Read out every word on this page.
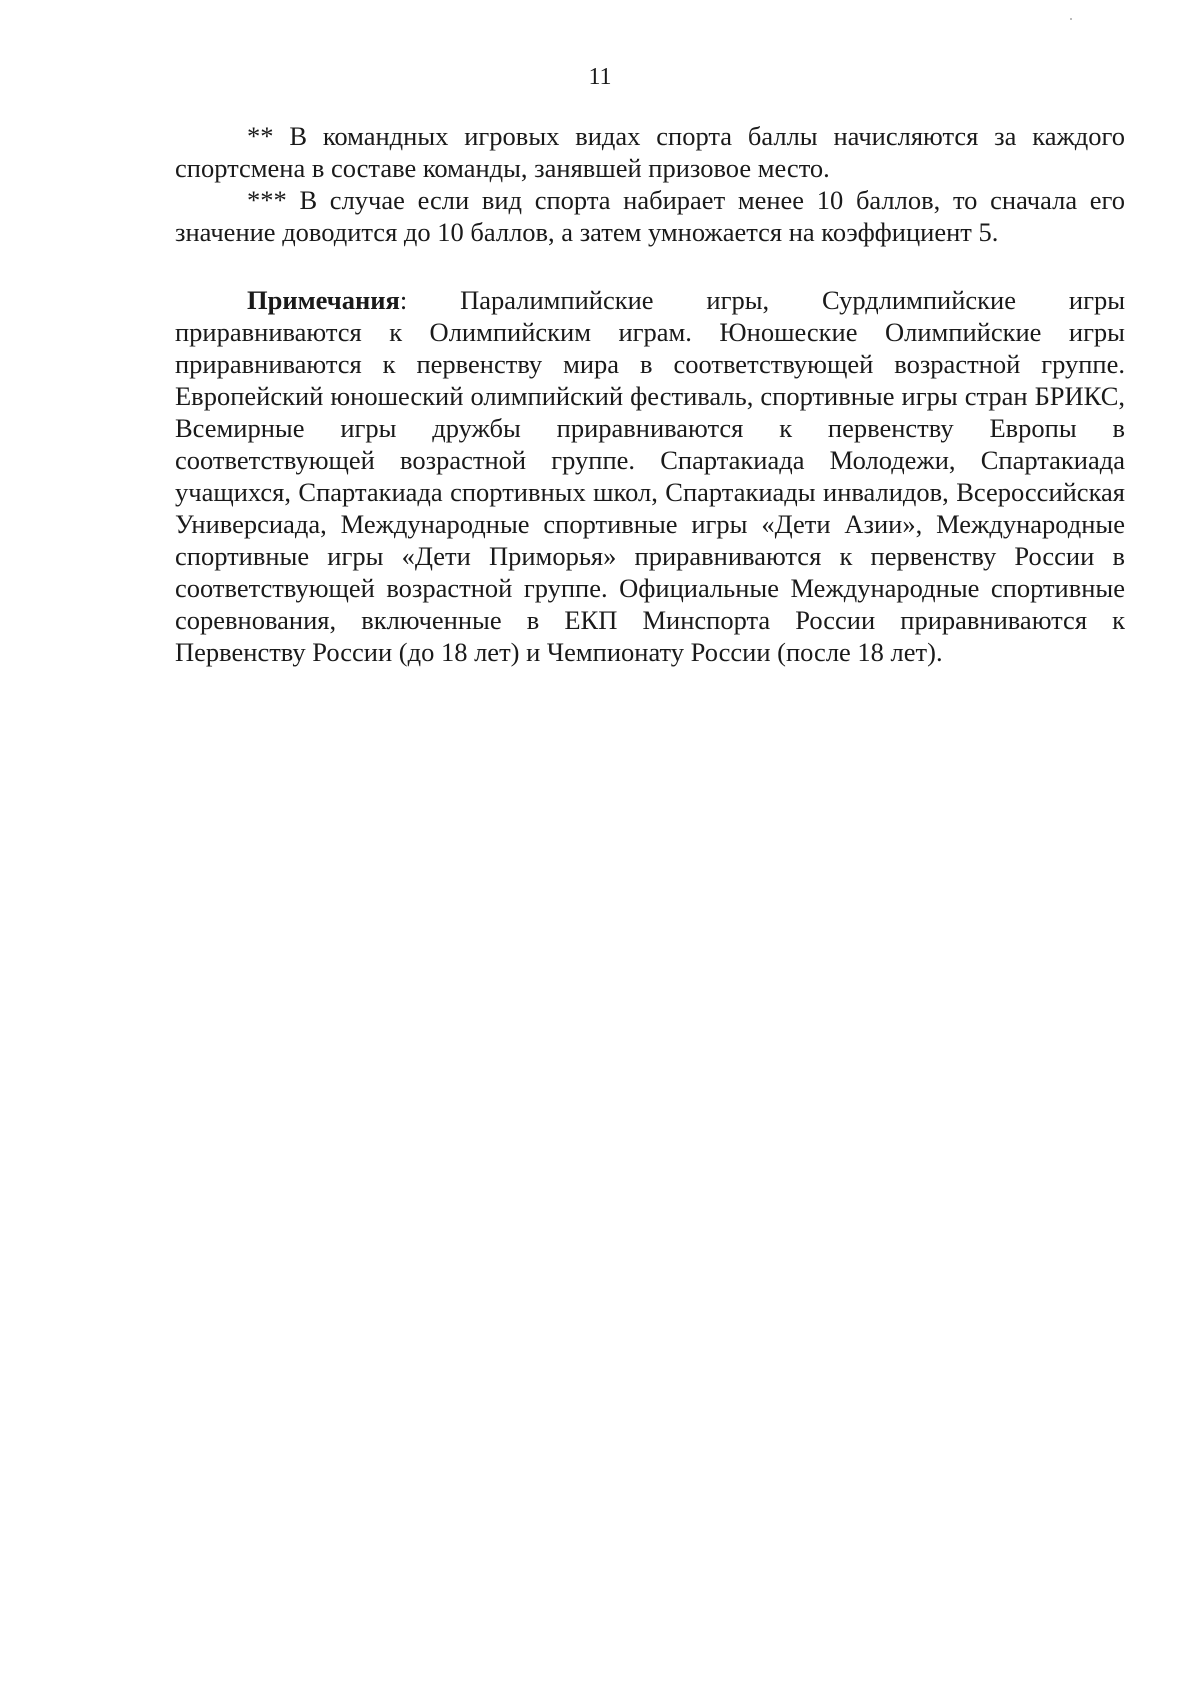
11

** В командных игровых видах спорта баллы начисляются за каждого спортсмена в составе команды, занявшей призовое место.

*** В случае если вид спорта набирает менее 10 баллов, то сначала его значение доводится до 10 баллов, а затем умножается на коэффициент 5.

Примечания: Паралимпийские игры, Сурдлимпийские игры приравниваются к Олимпийским играм. Юношеские Олимпийские игры приравниваются к первенству мира в соответствующей возрастной группе. Европейский юношеский олимпийский фестиваль, спортивные игры стран БРИКС, Всемирные игры дружбы приравниваются к первенству Европы в соответствующей возрастной группе. Спартакиада Молодежи, Спартакиада учащихся, Спартакиада спортивных школ, Спартакиады инвалидов, Всероссийская Универсиада, Международные спортивные игры «Дети Азии», Международные спортивные игры «Дети Приморья» приравниваются к первенству России в соответствующей возрастной группе. Официальные Международные спортивные соревнования, включенные в ЕКП Минспорта России приравниваются к Первенству России (до 18 лет) и Чемпионату России (после 18 лет).
